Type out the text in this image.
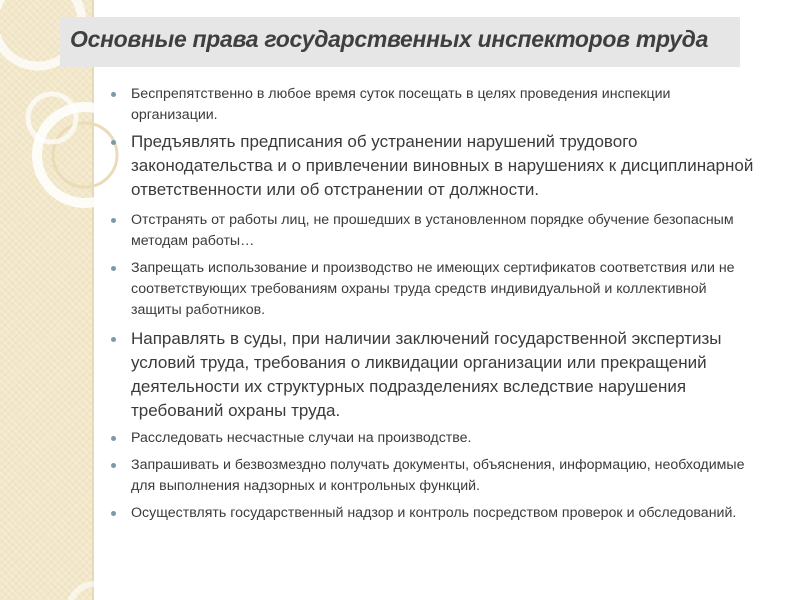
Основные права государственных инспекторов труда
Беспрепятственно в любое время суток посещать в целях проведения инспекции организации.
Предъявлять предписания об устранении нарушений трудового законодательства и о привлечении виновных в нарушениях к дисциплинарной ответственности или об отстранении от должности.
Отстранять от работы лиц, не прошедших в установленном порядке обучение безопасным методам работы…
Запрещать использование и производство не имеющих сертификатов соответствия или не соответствующих требованиям охраны труда средств индивидуальной и коллективной защиты работников.
Направлять в суды, при наличии заключений государственной экспертизы условий труда, требования о ликвидации организации или прекращений деятельности их структурных подразделениях вследствие нарушения требований охраны труда.
Расследовать несчастные случаи на производстве.
Запрашивать и безвозмездно получать документы, объяснения, информацию, необходимые для выполнения надзорных и контрольных функций.
Осуществлять государственный надзор и контроль посредством проверок и обследований.
